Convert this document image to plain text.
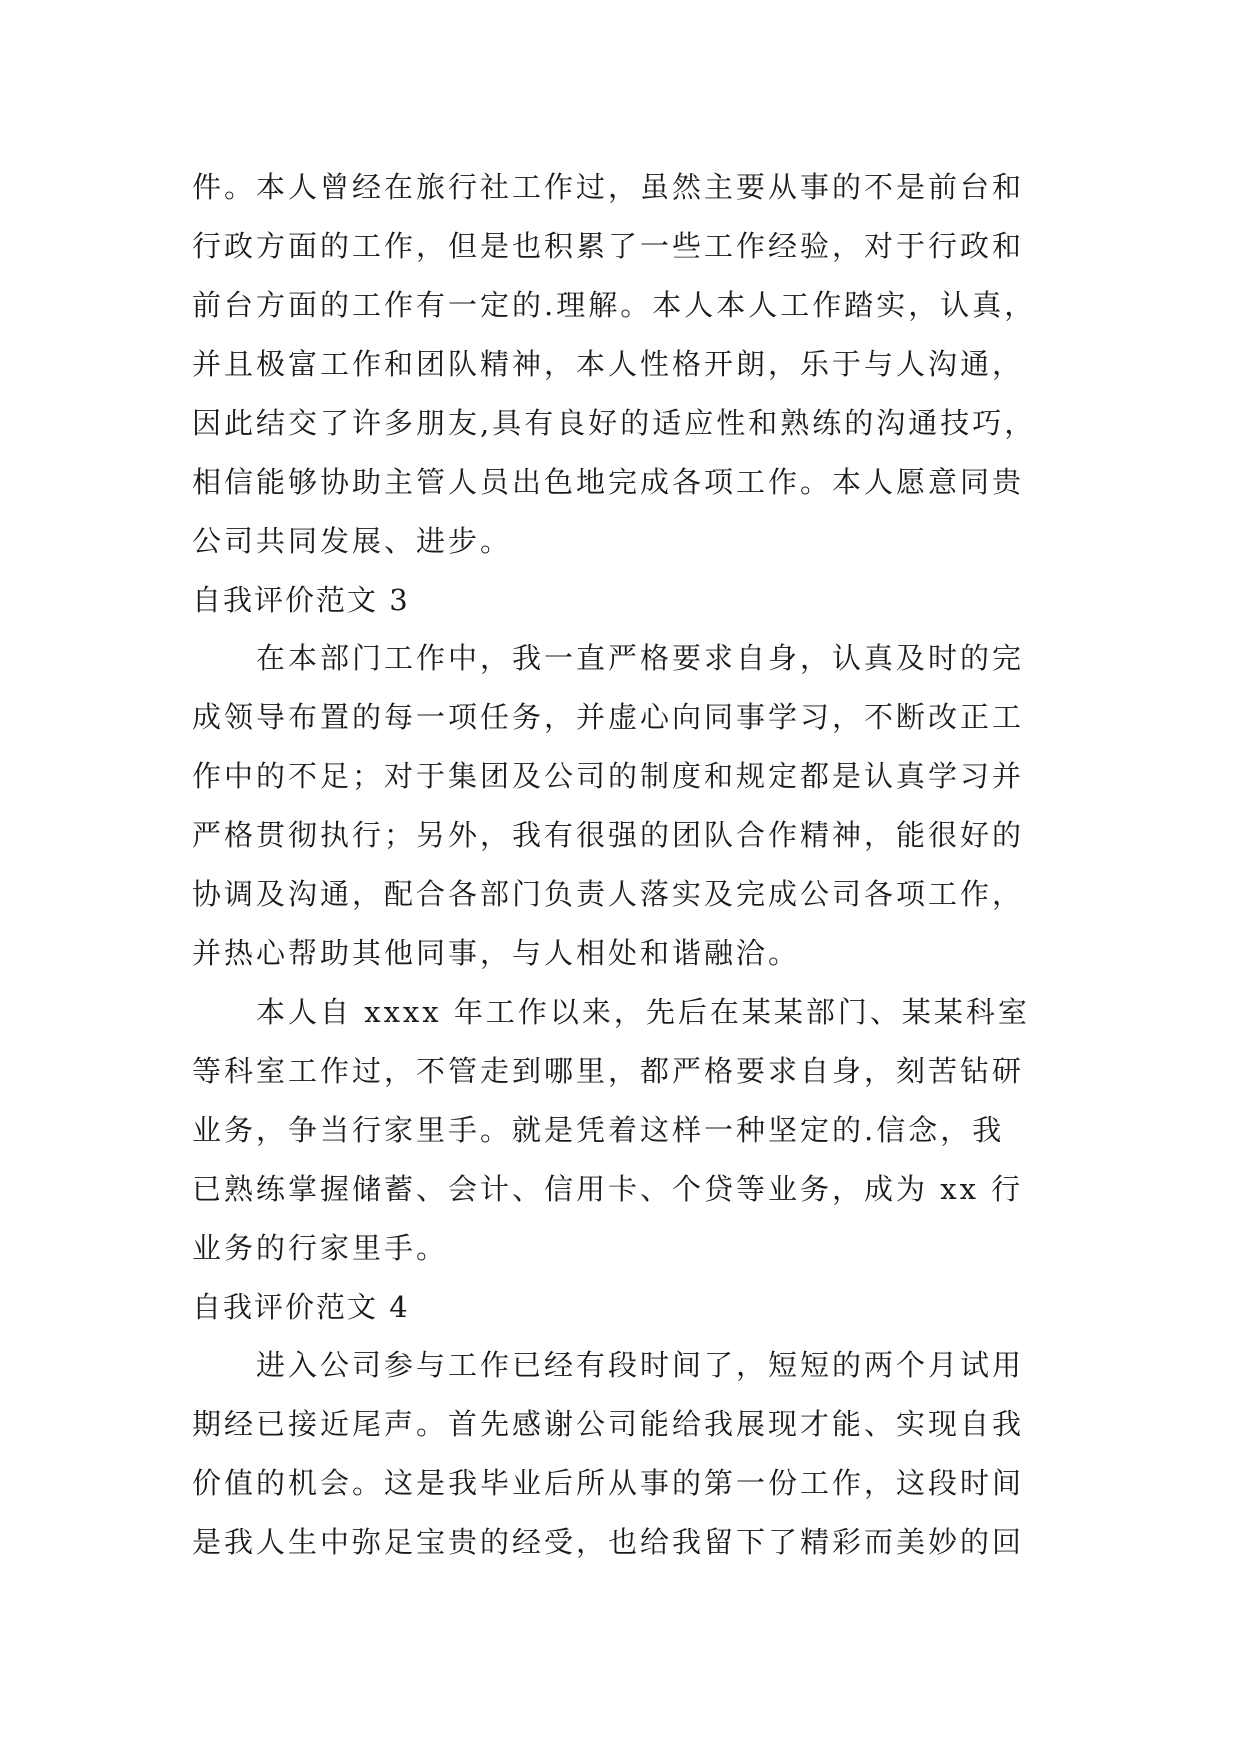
件。本人曾经在旅行社工作过，虽然主要从事的不是前台和
行政方面的工作，但是也积累了一些工作经验，对于行政和
前台方面的工作有一定的.理解。本人本人工作踏实，认真，
并且极富工作和团队精神，本人性格开朗，乐于与人沟通，
因此结交了许多朋友,具有良好的适应性和熟练的沟通技巧，
相信能够协助主管人员出色地完成各项工作。本人愿意同贵
公司共同发展、进步。
自我评价范文 3
在本部门工作中，我一直严格要求自身，认真及时的完
成领导布置的每一项任务，并虚心向同事学习，不断改正工
作中的不足；对于集团及公司的制度和规定都是认真学习并
严格贯彻执行；另外，我有很强的团队合作精神，能很好的
协调及沟通，配合各部门负责人落实及完成公司各项工作，
并热心帮助其他同事，与人相处和谐融洽。
本人自 xxxx 年工作以来，先后在某某部门、某某科室
等科室工作过，不管走到哪里，都严格要求自身，刻苦钻研
业务，争当行家里手。就是凭着这样一种坚定的.信念，我
已熟练掌握储蓄、会计、信用卡、个贷等业务，成为 xx 行
业务的行家里手。
自我评价范文 4
进入公司参与工作已经有段时间了，短短的两个月试用
期经已接近尾声。首先感谢公司能给我展现才能、实现自我
价值的机会。这是我毕业后所从事的第一份工作，这段时间
是我人生中弥足宝贵的经受，也给我留下了精彩而美妙的回
